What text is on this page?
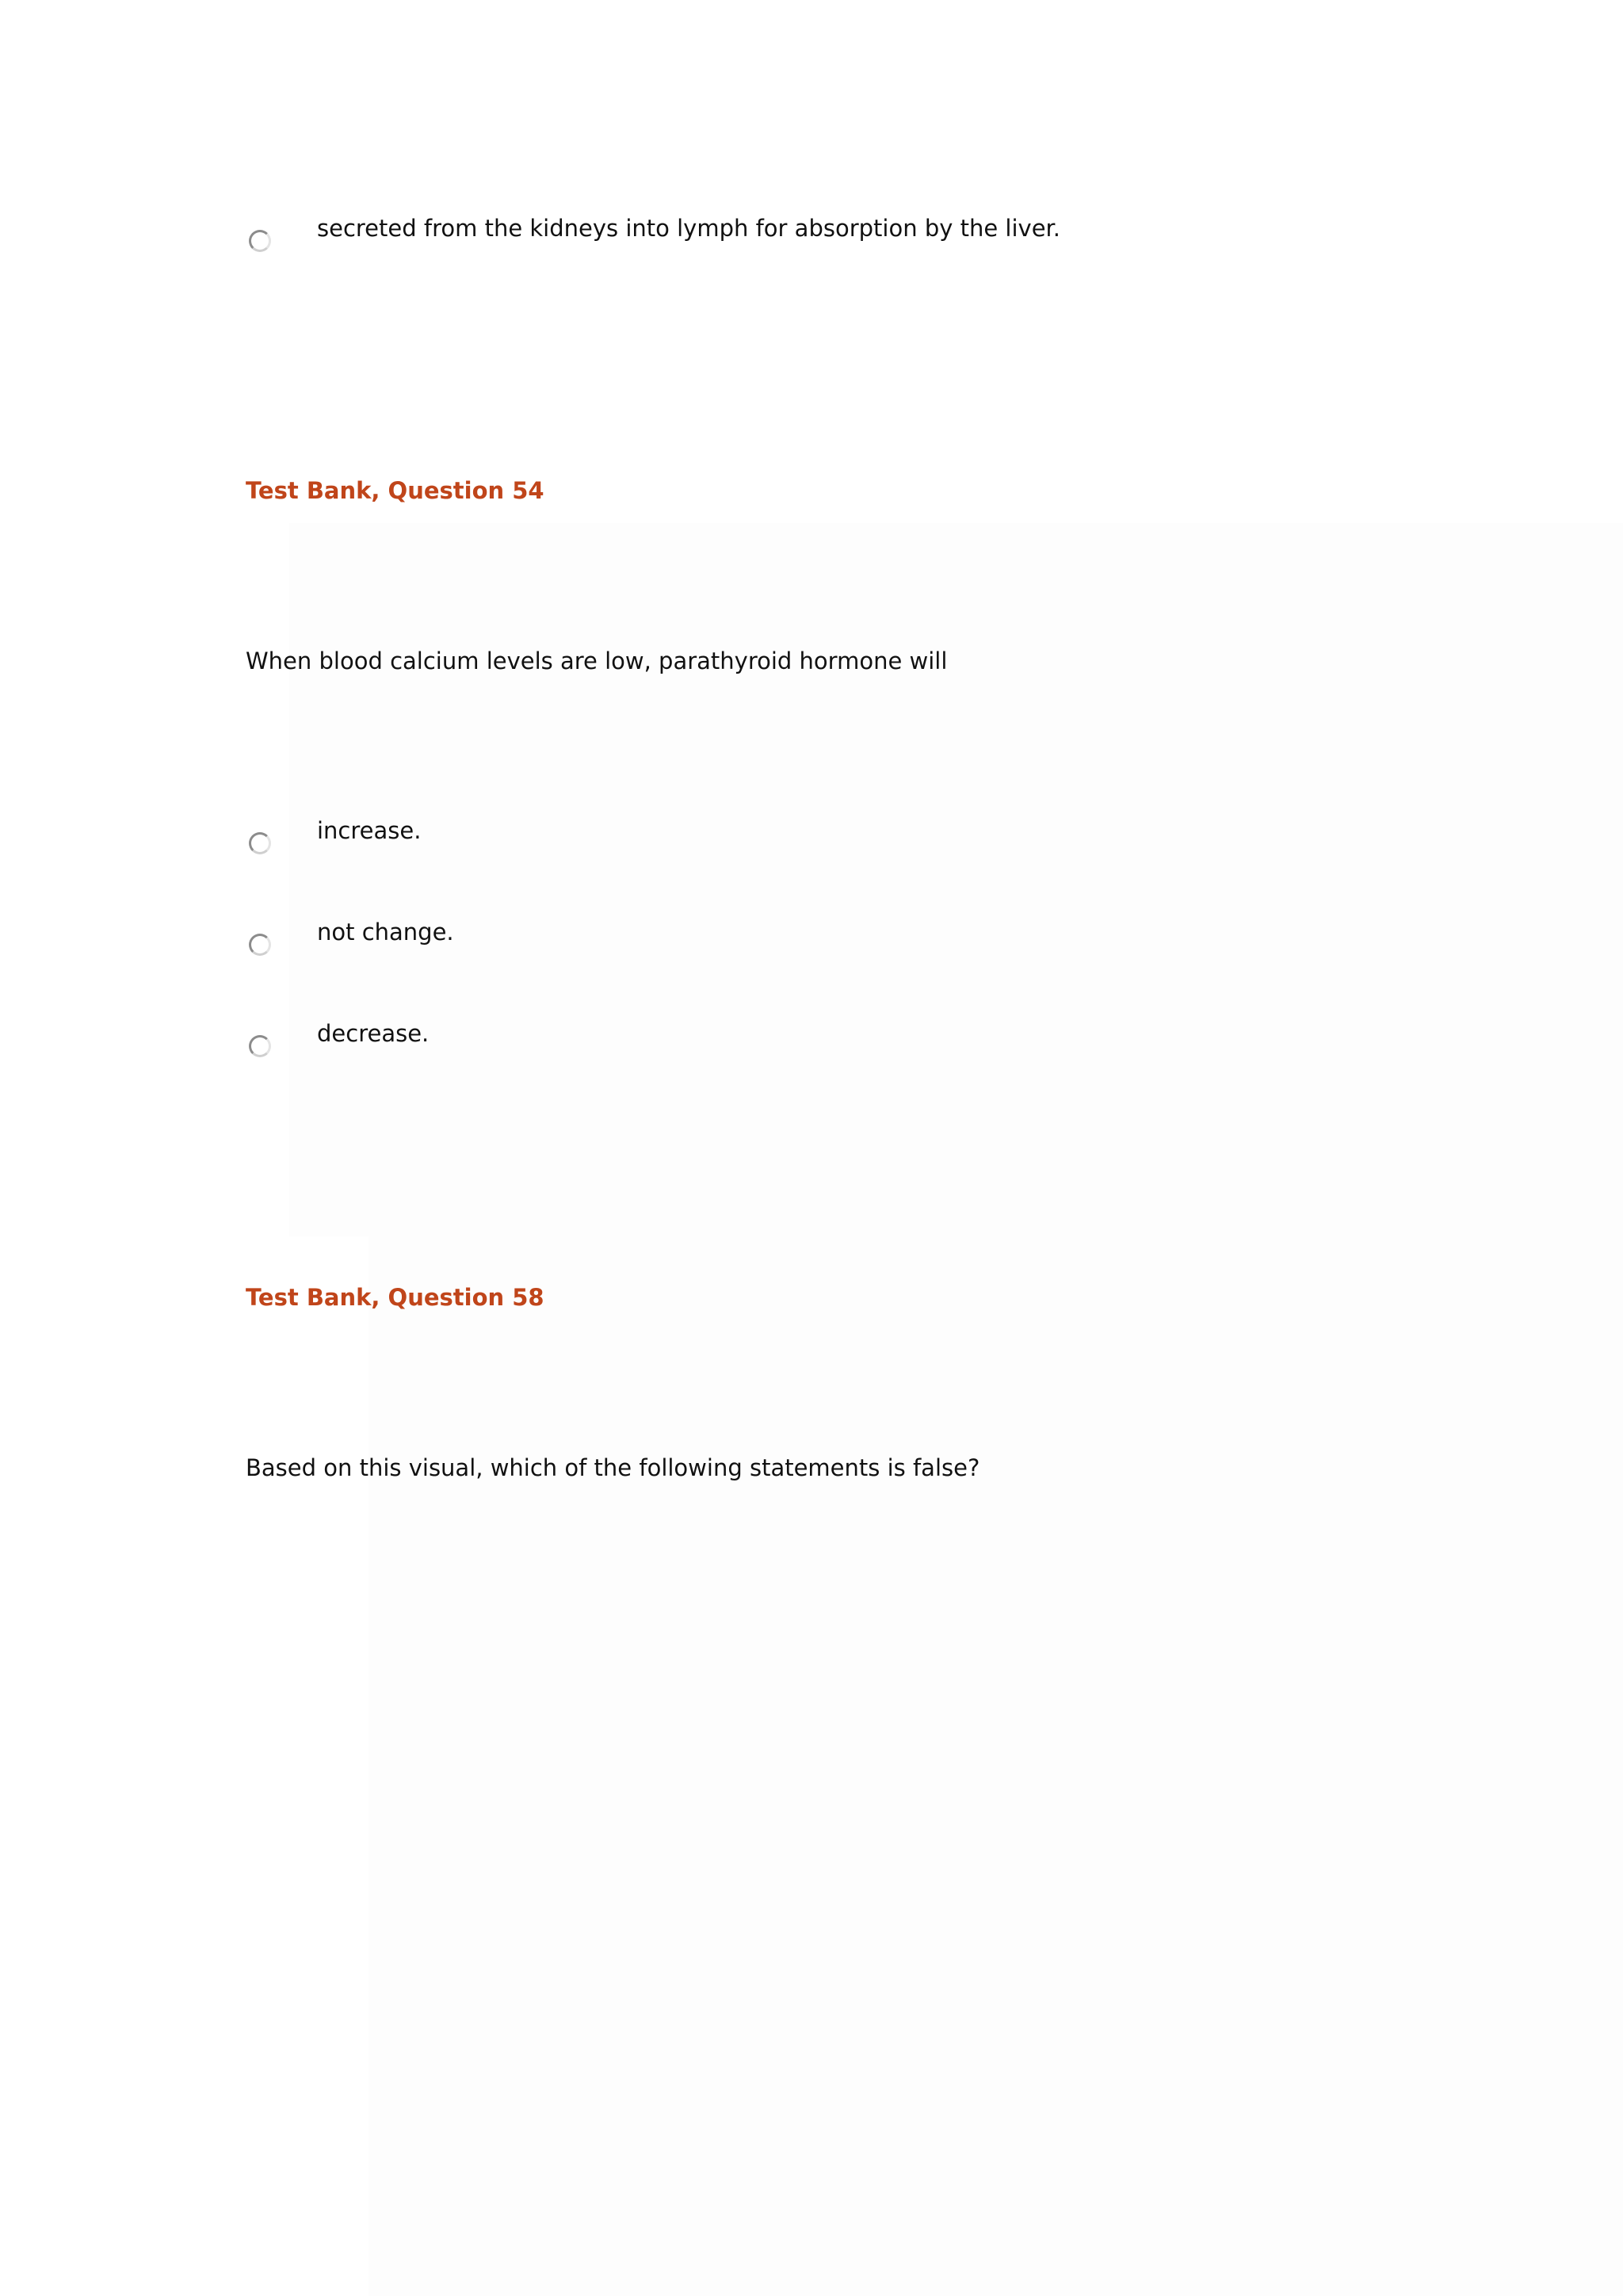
secreted from the kidneys into lymph for absorption by the liver.
Test Bank, Question 54

When blood calcium levels are low, parathyroid hormone will

increase.
not change.
decrease.
Test Bank, Question 58

Based on this visual, which of the following statements is false?
